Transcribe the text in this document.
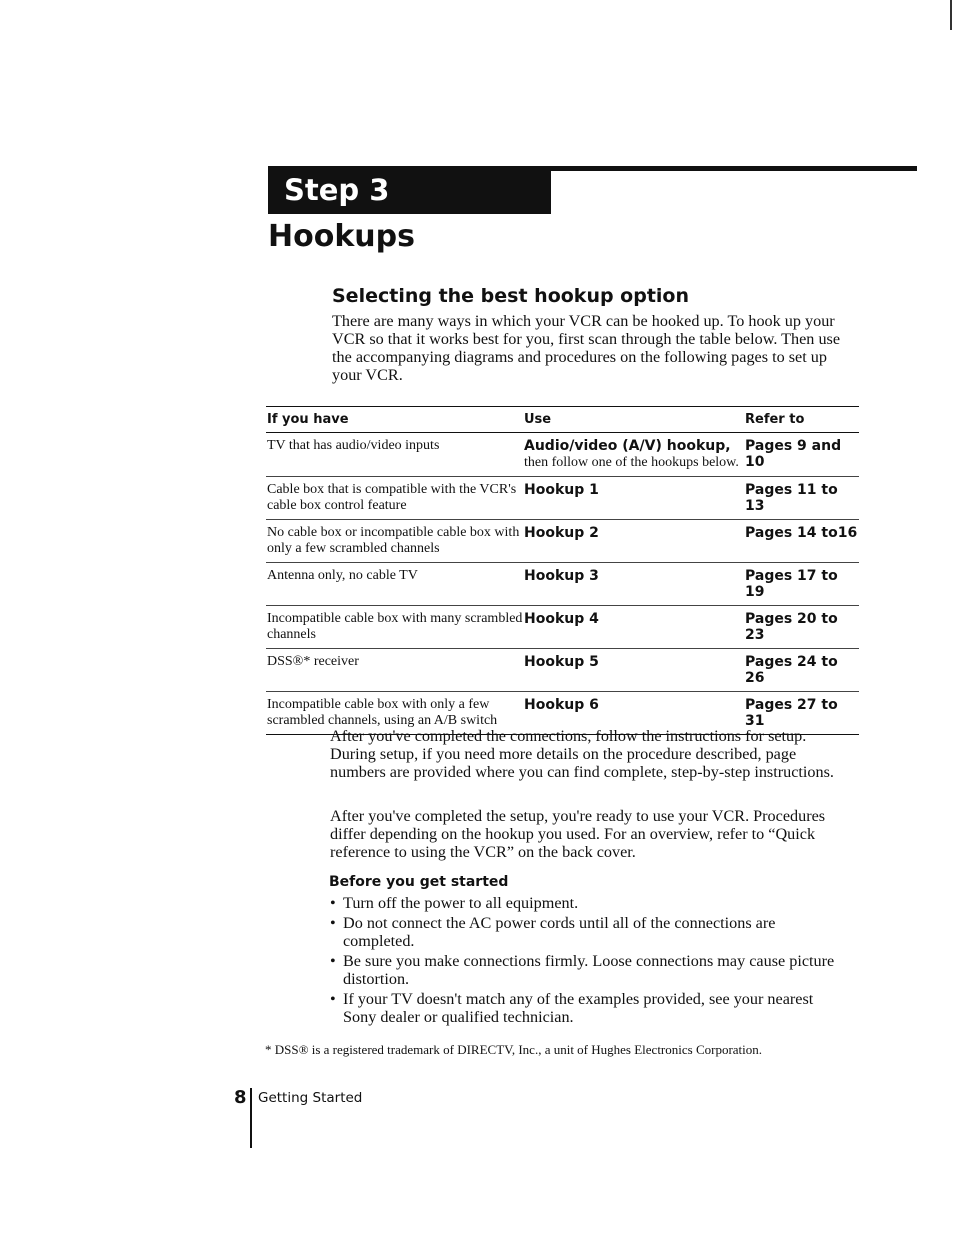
Step 3
Hookups
Selecting the best hookup option
There are many ways in which your VCR can be hooked up. To hook up your VCR so that it works best for you, first scan through the table below. Then use the accompanying diagrams and procedures on the following pages to set up your VCR.
If you have	Use	Refer to
TV that has audio/video inputs	Audio/video (A/V) hookup, then follow one of the hookups below.	Pages 9 and 10
Cable box that is compatible with the VCR's cable box control feature	Hookup 1	Pages 11 to 13
No cable box or incompatible cable box with only a few scrambled channels	Hookup 2	Pages 14 to16
Antenna only, no cable TV	Hookup 3	Pages 17 to 19
Incompatible cable box with many scrambled channels	Hookup 4	Pages 20 to 23
DSS®* receiver	Hookup 5	Pages 24 to 26
Incompatible cable box with only a few scrambled channels, using an A/B switch	Hookup 6	Pages 27 to 31
After you've completed the connections, follow the instructions for setup. During setup, if you need more details on the procedure described, page numbers are provided where you can find complete, step-by-step instructions.
After you've completed the setup, you're ready to use your VCR. Procedures differ depending on the hookup you used. For an overview, refer to “Quick reference to using the VCR” on the back cover.
Before you get started
• Turn off the power to all equipment.
• Do not connect the AC power cords until all of the connections are completed.
• Be sure you make connections firmly. Loose connections may cause picture distortion.
• If your TV doesn't match any of the examples provided, see your nearest Sony dealer or qualified technician.
* DSS® is a registered trademark of DIRECTV, Inc., a unit of Hughes Electronics Corporation.
8 Getting Started
